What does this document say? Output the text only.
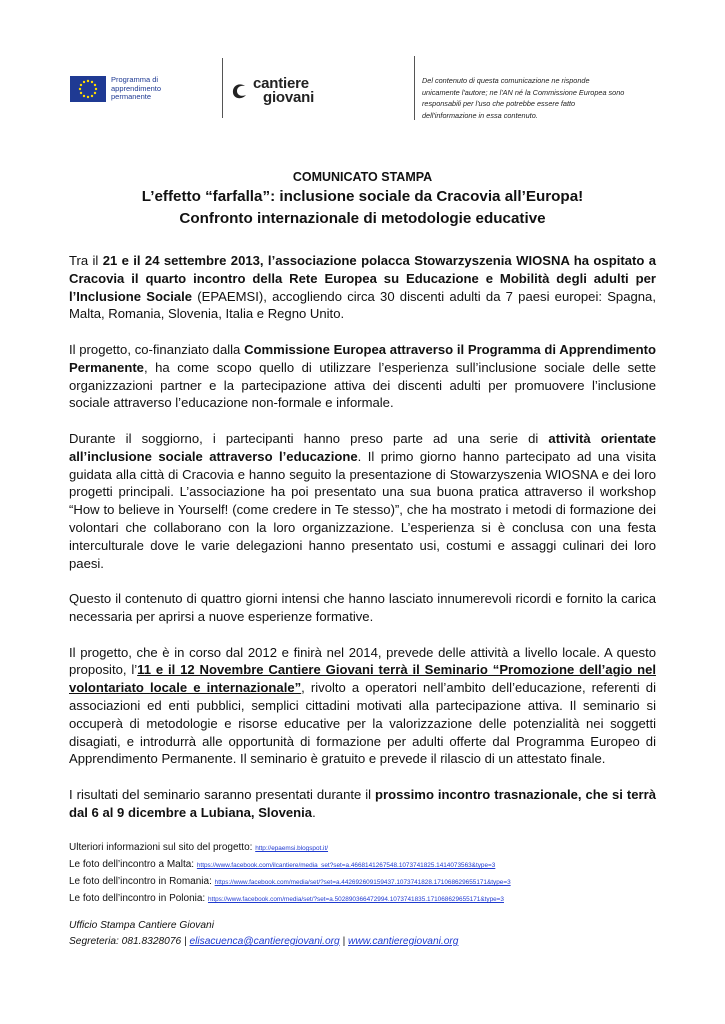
Programma di
apprendimento
permanente
cantiere
giovani
Del contenuto di questa comunicazione ne risponde
unicamente l'autore; ne l'AN né la Commissione Europea sono
responsabili per l'uso che potrebbe essere fatto
dell'informazione in essa contenuto.
COMUNICATO STAMPA
L’effetto “farfalla”: inclusione sociale da Cracovia all’Europa!
Confronto internazionale di metodologie educative

Tra il 21 e il 24 settembre 2013, l’associazione polacca Stowarzyszenia WIOSNA ha ospitato a Cracovia il quarto incontro della Rete Europea su Educazione e Mobilità degli adulti per l’Inclusione Sociale (EPAEMSI), accogliendo circa 30 discenti adulti da 7 paesi europei: Spagna, Malta, Romania, Slovenia, Italia e Regno Unito.

Il progetto, co-finanziato dalla Commissione Europea attraverso il Programma di Apprendimento Permanente, ha come scopo quello di utilizzare l’esperienza sull’inclusione sociale delle sette organizzazioni partner e la partecipazione attiva dei discenti adulti per promuovere l’inclusione sociale attraverso l’educazione non-formale e informale.

Durante il soggiorno, i partecipanti hanno preso parte ad una serie di attività orientate all’inclusione sociale attraverso l’educazione. Il primo giorno hanno partecipato ad una visita guidata alla città di Cracovia e hanno seguito la presentazione di Stowarzyszenia WIOSNA e dei loro progetti principali. L’associazione ha poi presentato una sua buona pratica attraverso il workshop “How to believe in Yourself! (come credere in Te stesso)”, che ha mostrato i metodi di formazione dei volontari che collaborano con la loro organizzazione. L’esperienza si è conclusa con una festa interculturale dove le varie delegazioni hanno presentato usi, costumi e assaggi culinari dei loro paesi.

Questo il contenuto di quattro giorni intensi che hanno lasciato innumerevoli ricordi e fornito la carica necessaria per aprirsi a nuove esperienze formative.

Il progetto, che è in corso dal 2012 e finirà nel 2014, prevede delle attività a livello locale. A questo proposito, l’11 e il 12 Novembre Cantiere Giovani terrà il Seminario “Promozione dell’agio nel volontariato locale e internazionale”, rivolto a operatori nell’ambito dell’educazione, referenti di associazioni ed enti pubblici, semplici cittadini motivati alla partecipazione attiva. Il seminario si occuperà di metodologie e risorse educative per la valorizzazione delle potenzialità nei soggetti disagiati, e introdurrà alle opportunità di formazione per adulti offerte dal Programma Europeo di Apprendimento Permanente. Il seminario è gratuito e prevede il rilascio di un attestato finale.

I risultati del seminario saranno presentati durante il prossimo incontro trasnazionale, che si terrà dal 6 al 9 dicembre a Lubiana, Slovenia.

Ulteriori informazioni sul sito del progetto: http://epaemsi.blogspot.it/
Le foto dell’incontro a Malta: https://www.facebook.com/ilcantiere/media_set?set=a.4668141267548.1073741825.1414073563&type=3
Le foto dell’incontro in Romania: https://www.facebook.com/media/set/?set=a.442692609159437.1073741828.171068629655171&type=3
Le foto dell’incontro in Polonia: https://www.facebook.com/media/set/?set=a.502890366472994.1073741835.171068629655171&type=3
Ufficio Stampa Cantiere Giovani
Segreteria: 081.8328076 | elisacuenca@cantieregiovani.org | www.cantieregiovani.org
